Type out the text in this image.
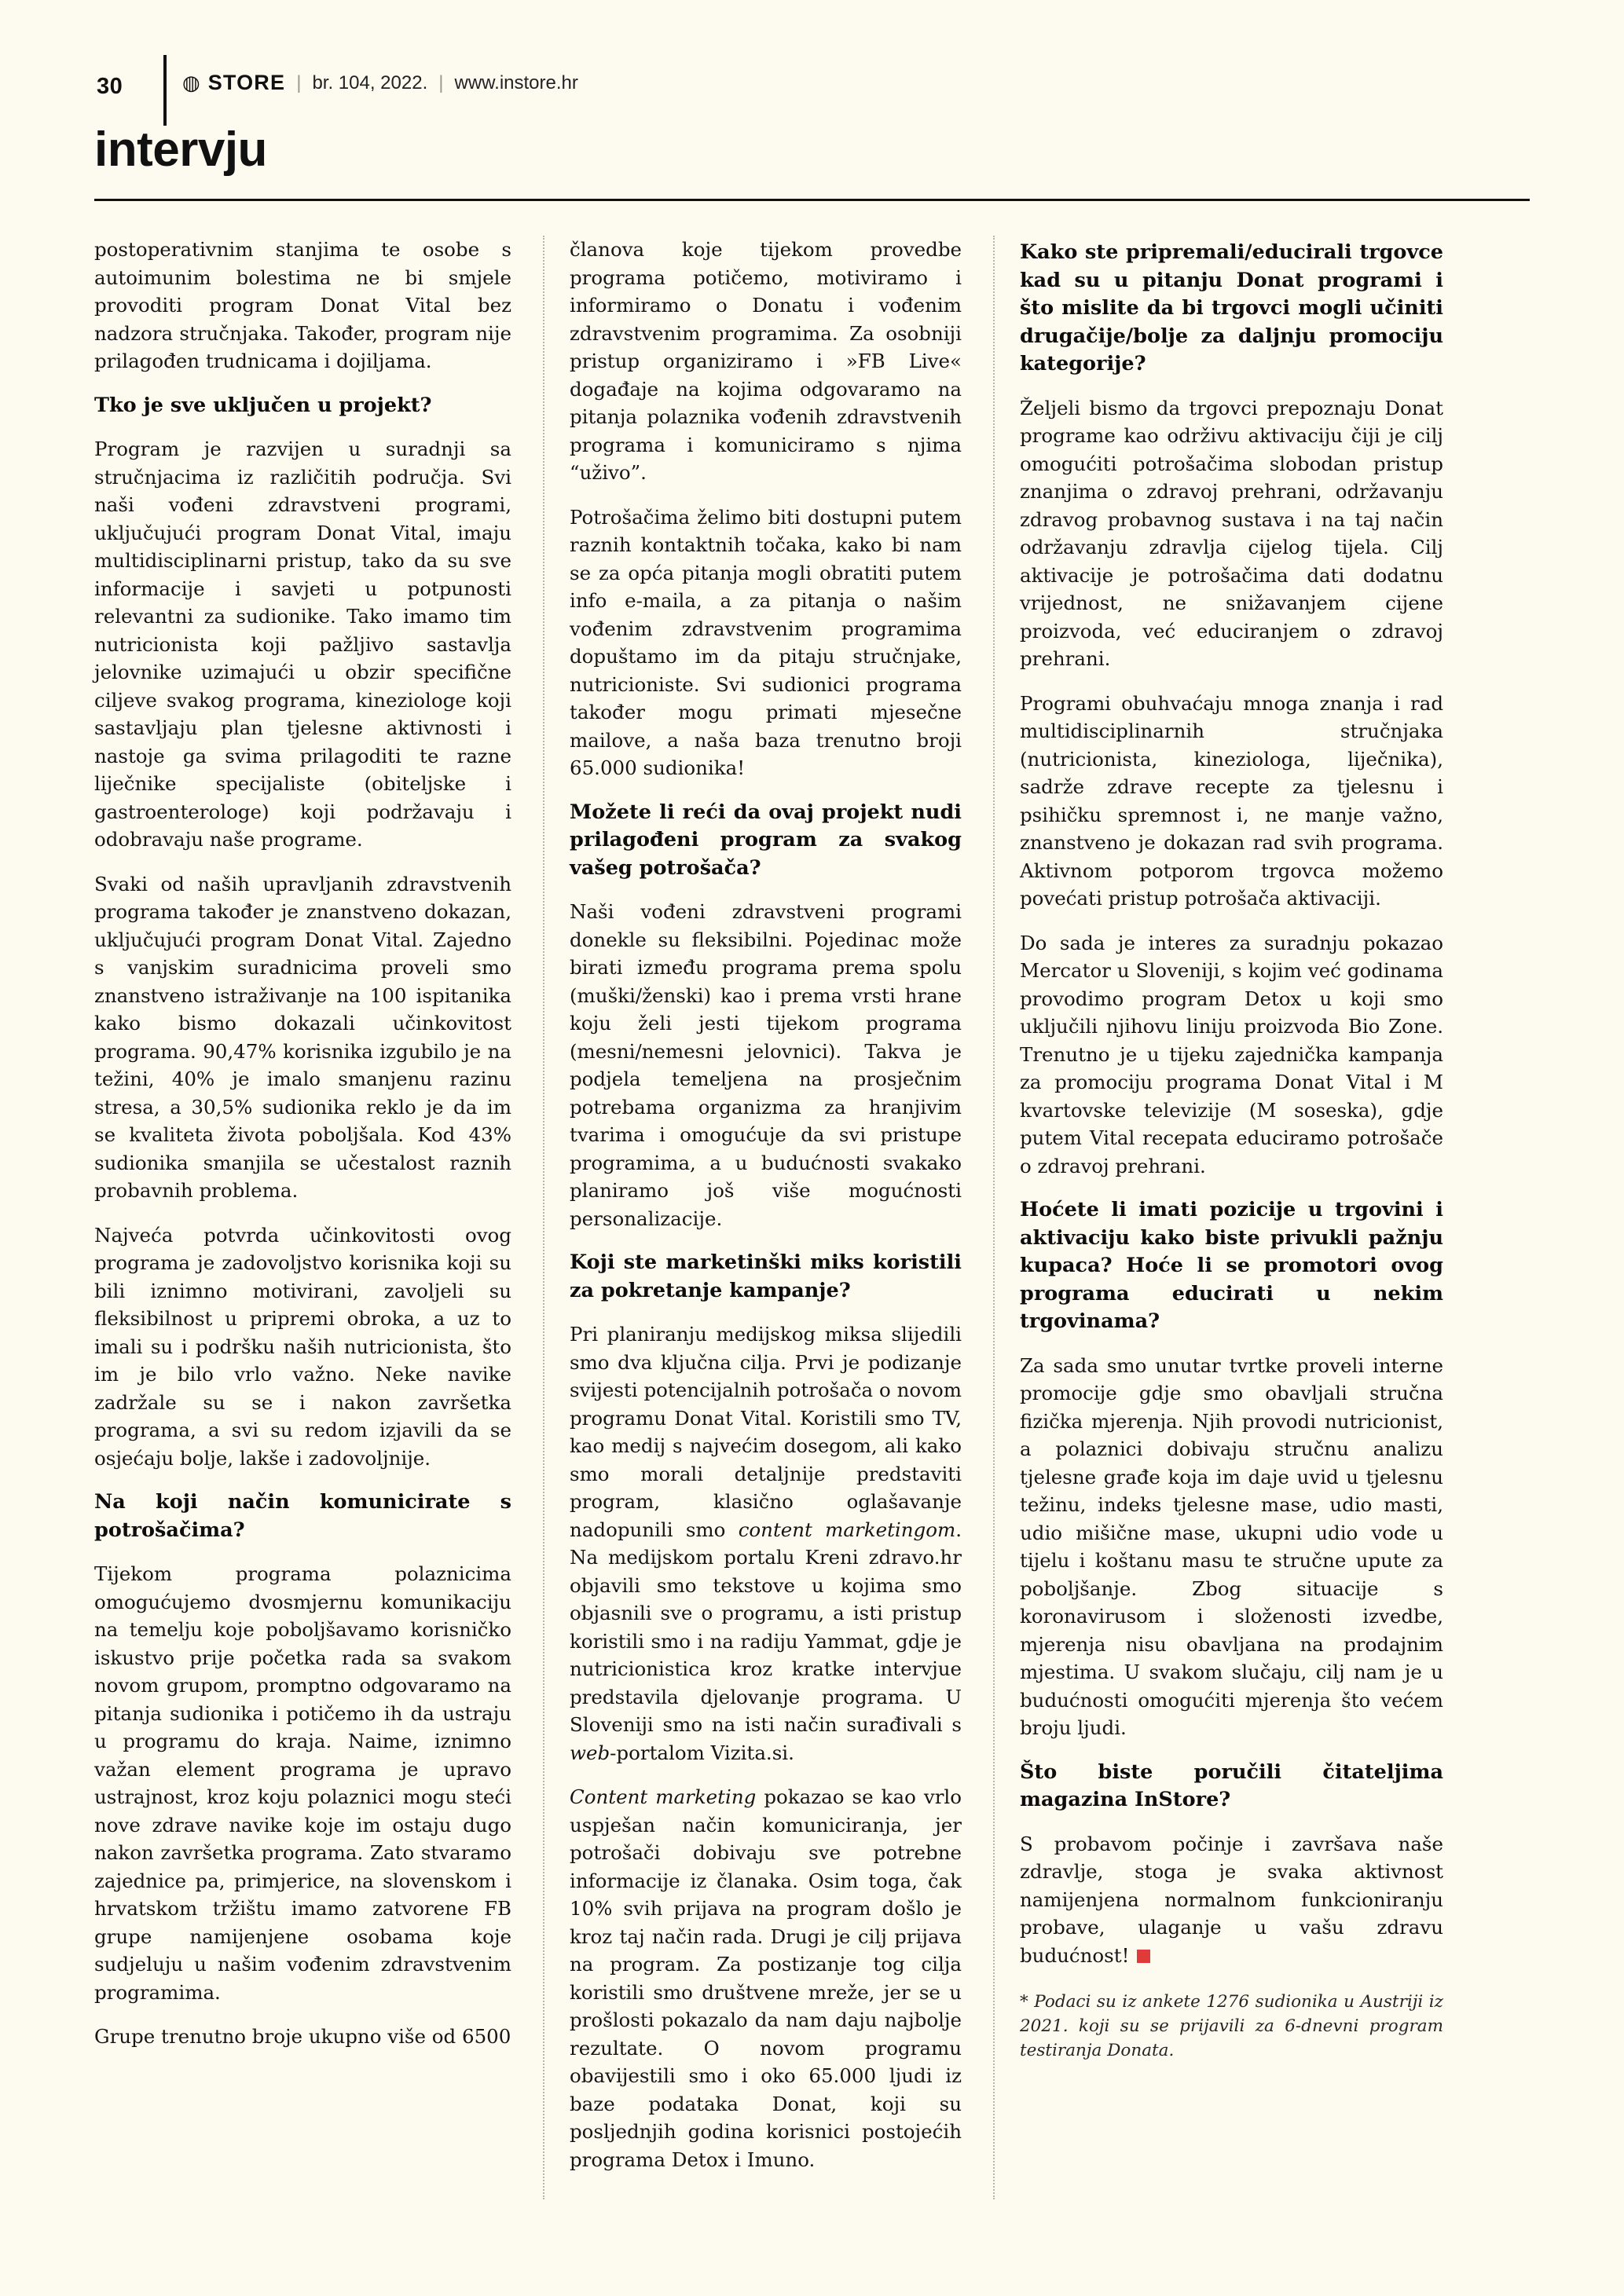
30	◍ STORE | br. 104, 2022. | www.instore.hr
intervju

postoperativnim stanjima te osobe s autoimunim bolestima ne bi smjele provoditi program Donat Vital bez nadzora stručnjaka. Također, program nije prilagođen trudnicama i dojiljama.

Tko je sve uključen u projekt?

Program je razvijen u suradnji sa stručnjacima iz različitih područja. Svi naši vođeni zdravstveni programi, uključujući program Donat Vital, imaju multidisciplinarni pristup, tako da su sve informacije i savjeti u potpunosti relevantni za sudionike. Tako imamo tim nutricionista koji pažljivo sastavlja jelovnike uzimajući u obzir specifične ciljeve svakog programa, kineziologe koji sastavljaju plan tjelesne aktivnosti i nastoje ga svima prilagoditi te razne liječnike specijaliste (obiteljske i gastroenterologe) koji podržavaju i odobravaju naše programe.

Svaki od naših upravljanih zdravstvenih programa također je znanstveno dokazan, uključujući program Donat Vital. Zajedno s vanjskim suradnicima proveli smo znanstveno istraživanje na 100 ispitanika kako bismo dokazali učinkovitost programa. 90,47% korisnika izgubilo je na težini, 40% je imalo smanjenu razinu stresa, a 30,5% sudionika reklo je da im se kvaliteta života poboljšala. Kod 43% sudionika smanjila se učestalost raznih probavnih problema.

Najveća potvrda učinkovitosti ovog programa je zadovoljstvo korisnika koji su bili iznimno motivirani, zavoljeli su fleksibilnost u pripremi obroka, a uz to imali su i podršku naših nutricionista, što im je bilo vrlo važno. Neke navike zadržale su se i nakon završetka programa, a svi su redom izjavili da se osjećaju bolje, lakše i zadovoljnije.

Na koji način komunicirate s potrošačima?

Tijekom programa polaznicima omogućujemo dvosmjernu komunikaciju na temelju koje poboljšavamo korisničko iskustvo prije početka rada sa svakom novom grupom, promptno odgovaramo na pitanja sudionika i potičemo ih da ustraju u programu do kraja. Naime, iznimno važan element programa je upravo ustrajnost, kroz koju polaznici mogu steći nove zdrave navike koje im ostaju dugo nakon završetka programa. Zato stvaramo zajednice pa, primjerice, na slovenskom i hrvatskom tržištu imamo zatvorene FB grupe namijenjene osobama koje sudjeluju u našim vođenim zdravstvenim programima.

Grupe trenutno broje ukupno više od 6500

članova koje tijekom provedbe programa potičemo, motiviramo i informiramo o Donatu i vođenim zdravstvenim programima. Za osobniji pristup organiziramo i »FB Live« događaje na kojima odgovaramo na pitanja polaznika vođenih zdravstvenih programa i komuniciramo s njima “uživo”.

Potrošačima želimo biti dostupni putem raznih kontaktnih točaka, kako bi nam se za opća pitanja mogli obratiti putem info e-maila, a za pitanja o našim vođenim zdravstvenim programima dopuštamo im da pitaju stručnjake, nutricioniste. Svi sudionici programa također mogu primati mjesečne mailove, a naša baza trenutno broji 65.000 sudionika!

Možete li reći da ovaj projekt nudi prilagođeni program za svakog vašeg potrošača?

Naši vođeni zdravstveni programi donekle su fleksibilni. Pojedinac može birati između programa prema spolu (muški/ženski) kao i prema vrsti hrane koju želi jesti tijekom programa (mesni/nemesni jelovnici). Takva je podjela temeljena na prosječnim potrebama organizma za hranjivim tvarima i omogućuje da svi pristupe programima, a u budućnosti svakako planiramo još više mogućnosti personalizacije.

Koji ste marketinški miks koristili za pokretanje kampanje?

Pri planiranju medijskog miksa slijedili smo dva ključna cilja. Prvi je podizanje svijesti potencijalnih potrošača o novom programu Donat Vital. Koristili smo TV, kao medij s najvećim dosegom, ali kako smo morali detaljnije predstaviti program, klasično oglašavanje nadopunili smo content marketingom. Na medijskom portalu Kreni zdravo.hr objavili smo tekstove u kojima smo objasnili sve o programu, a isti pristup koristili smo i na radiju Yammat, gdje je nutricionistica kroz kratke intervjue predstavila djelovanje programa. U Sloveniji smo na isti način surađivali s web-portalom Vizita.si.

Content marketing pokazao se kao vrlo uspješan način komuniciranja, jer potrošači dobivaju sve potrebne informacije iz članaka. Osim toga, čak 10% svih prijava na program došlo je kroz taj način rada. Drugi je cilj prijava na program. Za postizanje tog cilja koristili smo društvene mreže, jer se u prošlosti pokazalo da nam daju najbolje rezultate. O novom programu obavijestili smo i oko 65.000 ljudi iz baze podataka Donat, koji su posljednjih godina korisnici postojećih programa Detox i Imuno.

Kako ste pripremali/educirali trgovce kad su u pitanju Donat programi i što mislite da bi trgovci mogli učiniti drugačije/bolje za daljnju promociju kategorije?

Željeli bismo da trgovci prepoznaju Donat programe kao održivu aktivaciju čiji je cilj omogućiti potrošačima slobodan pristup znanjima o zdravoj prehrani, održavanju zdravog probavnog sustava i na taj način održavanju zdravlja cijelog tijela. Cilj aktivacije je potrošačima dati dodatnu vrijednost, ne snižavanjem cijene proizvoda, već educiranjem o zdravoj prehrani.

Programi obuhvaćaju mnoga znanja i rad multidisciplinarnih stručnjaka (nutricionista, kineziologa, liječnika), sadrže zdrave recepte za tjelesnu i psihičku spremnost i, ne manje važno, znanstveno je dokazan rad svih programa. Aktivnom potporom trgovca možemo povećati pristup potrošača aktivaciji.

Do sada je interes za suradnju pokazao Mercator u Sloveniji, s kojim već godinama provodimo program Detox u koji smo uključili njihovu liniju proizvoda Bio Zone. Trenutno je u tijeku zajednička kampanja za promociju programa Donat Vital i M kvartovske televizije (M soseska), gdje putem Vital recepata educiramo potrošače o zdravoj prehrani.

Hoćete li imati pozicije u trgovini i aktivaciju kako biste privukli pažnju kupaca? Hoće li se promotori ovog programa educirati u nekim trgovinama?

Za sada smo unutar tvrtke proveli interne promocije gdje smo obavljali stručna fizička mjerenja. Njih provodi nutricionist, a polaznici dobivaju stručnu analizu tjelesne građe koja im daje uvid u tjelesnu težinu, indeks tjelesne mase, udio masti, udio mišične mase, ukupni udio vode u tijelu i koštanu masu te stručne upute za poboljšanje. Zbog situacije s koronavirusom i složenosti izvedbe, mjerenja nisu obavljana na prodajnim mjestima. U svakom slučaju, cilj nam je u budućnosti omogućiti mjerenja što većem broju ljudi.

Što biste poručili čitateljima magazina InStore?

S probavom počinje i završava naše zdravlje, stoga je svaka aktivnost namijenjena normalnom funkcioniranju probave, ulaganje u vašu zdravu budućnost!

* Podaci su iz ankete 1276 sudionika u Austriji iz 2021. koji su se prijavili za 6-dnevni program testiranja Donata.
